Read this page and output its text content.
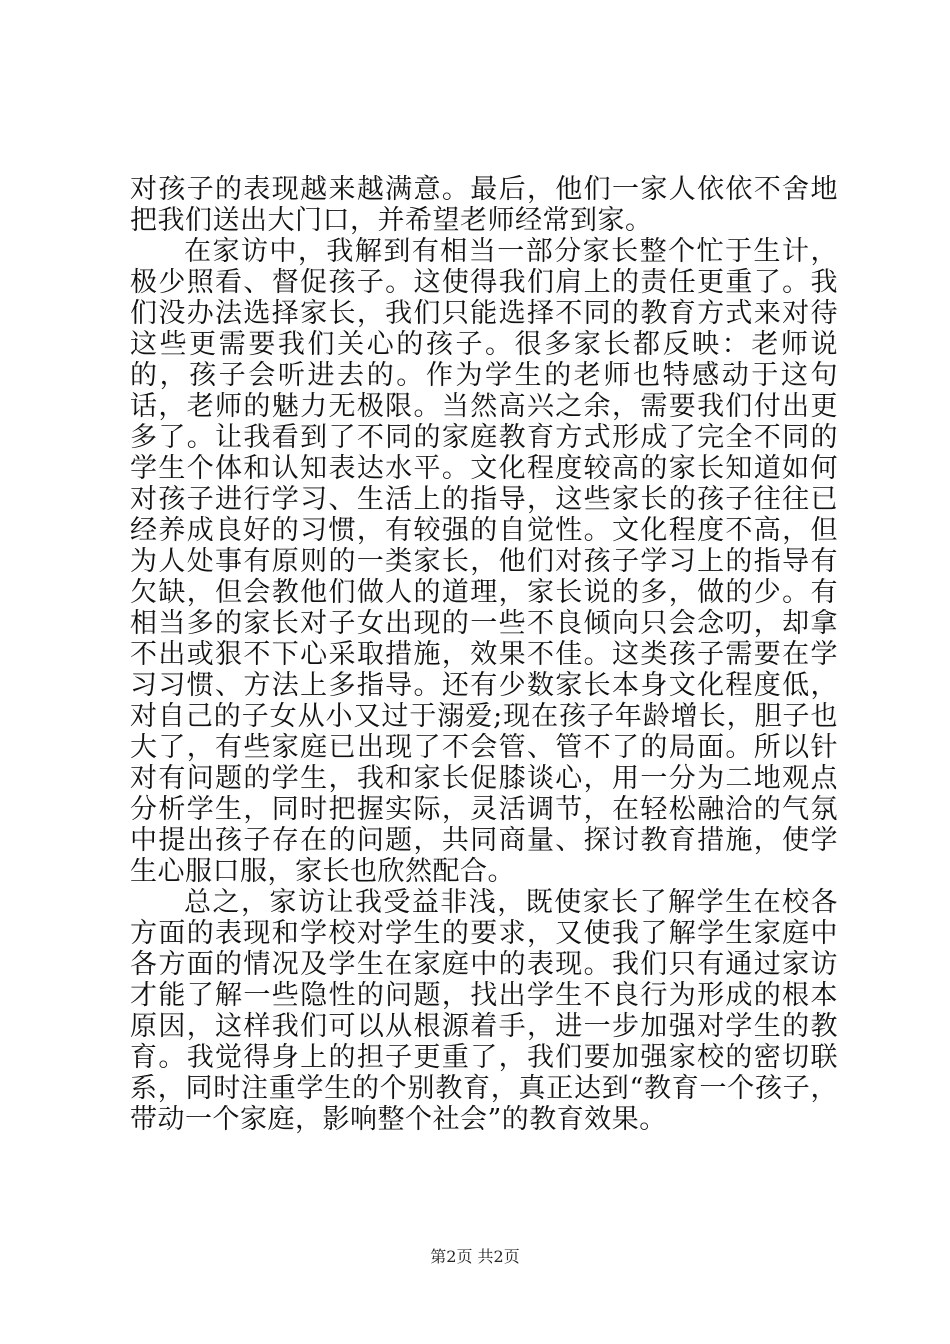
对孩子的表现越来越满意。最后，他们一家人依依不舍地把我们送出大门口，并希望老师经常到家。

在家访中，我解到有相当一部分家长整个忙于生计，极少照看、督促孩子。这使得我们肩上的责任更重了。我们没办法选择家长，我们只能选择不同的教育方式来对待这些更需要我们关心的孩子。很多家长都反映：老师说的，孩子会听进去的。作为学生的老师也特感动于这句话，老师的魅力无极限。当然高兴之余，需要我们付出更多了。让我看到了不同的家庭教育方式形成了完全不同的学生个体和认知表达水平。文化程度较高的家长知道如何对孩子进行学习、生活上的指导，这些家长的孩子往往已经养成良好的习惯，有较强的自觉性。文化程度不高，但为人处事有原则的一类家长，他们对孩子学习上的指导有欠缺，但会教他们做人的道理，家长说的多，做的少。有相当多的家长对子女出现的一些不良倾向只会念叨，却拿不出或狠不下心采取措施，效果不佳。这类孩子需要在学习习惯、方法上多指导。还有少数家长本身文化程度低，对自己的子女从小又过于溺爱;现在孩子年龄增长，胆子也大了，有些家庭已出现了不会管、管不了的局面。所以针对有问题的学生，我和家长促膝谈心，用一分为二地观点分析学生，同时把握实际，灵活调节，在轻松融洽的气氛中提出孩子存在的问题，共同商量、探讨教育措施，使学生心服口服，家长也欣然配合。

总之，家访让我受益非浅，既使家长了解学生在校各方面的表现和学校对学生的要求，又使我了解学生家庭中各方面的情况及学生在家庭中的表现。我们只有通过家访才能了解一些隐性的问题，找出学生不良行为形成的根本原因，这样我们可以从根源着手，进一步加强对学生的教育。我觉得身上的担子更重了，我们要加强家校的密切联系，同时注重学生的个别教育，真正达到“教育一个孩子，带动一个家庭，影响整个社会”的教育效果。

第2页 共2页
